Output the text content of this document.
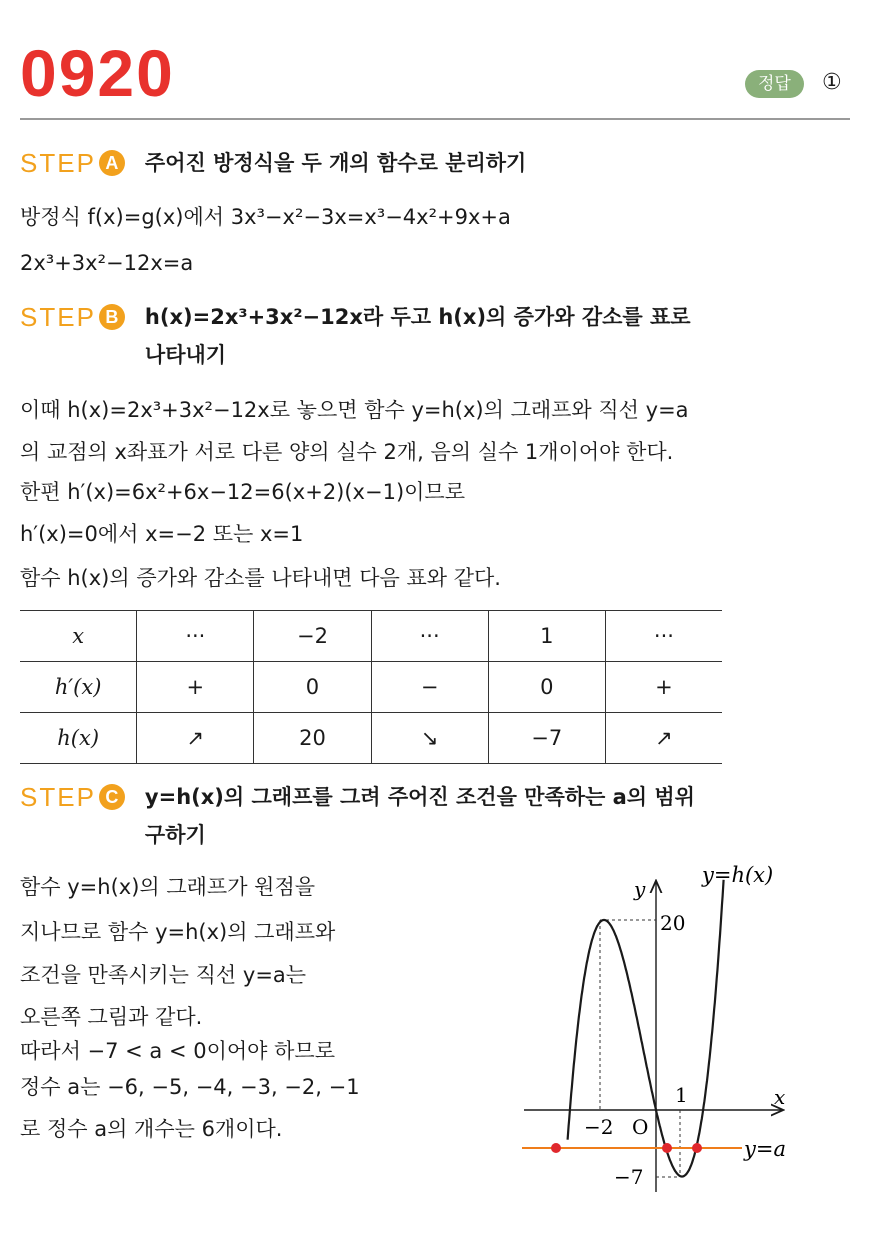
0920	정답	①
STEP A	주어진 방정식을 두 개의 함수로 분리하기
방정식 f(x)=g(x)에서 3x³−x²−3x=x³−4x²+9x+a
2x³+3x²−12x=a
STEP B	h(x)=2x³+3x²−12x라 두고 h(x)의 증가와 감소를 표로
나타내기
이때 h(x)=2x³+3x²−12x로 놓으면 함수 y=h(x)의 그래프와 직선 y=a
의 교점의 x좌표가 서로 다른 양의 실수 2개, 음의 실수 1개이어야 한다.
한편 h′(x)=6x²+6x−12=6(x+2)(x−1)이므로
h′(x)=0에서 x=−2 또는 x=1
함수 h(x)의 증가와 감소를 나타내면 다음 표와 같다.
x	···	−2	···	1	···
h′(x)	+	0	−	0	+
h(x)	↗	20	↘	−7	↗
STEP C	y=h(x)의 그래프를 그려 주어진 조건을 만족하는 a의 범위
구하기
함수 y=h(x)의 그래프가 원점을
지나므로 함수 y=h(x)의 그래프와
조건을 만족시키는 직선 y=a는
오른쪽 그림과 같다.
따라서 −7 < a < 0이어야 하므로
정수 a는 −6, −5, −4, −3, −2, −1
로 정수 a의 개수는 6개이다.
y=h(x)
y=a
y
x
O
20
−7
−2
1
